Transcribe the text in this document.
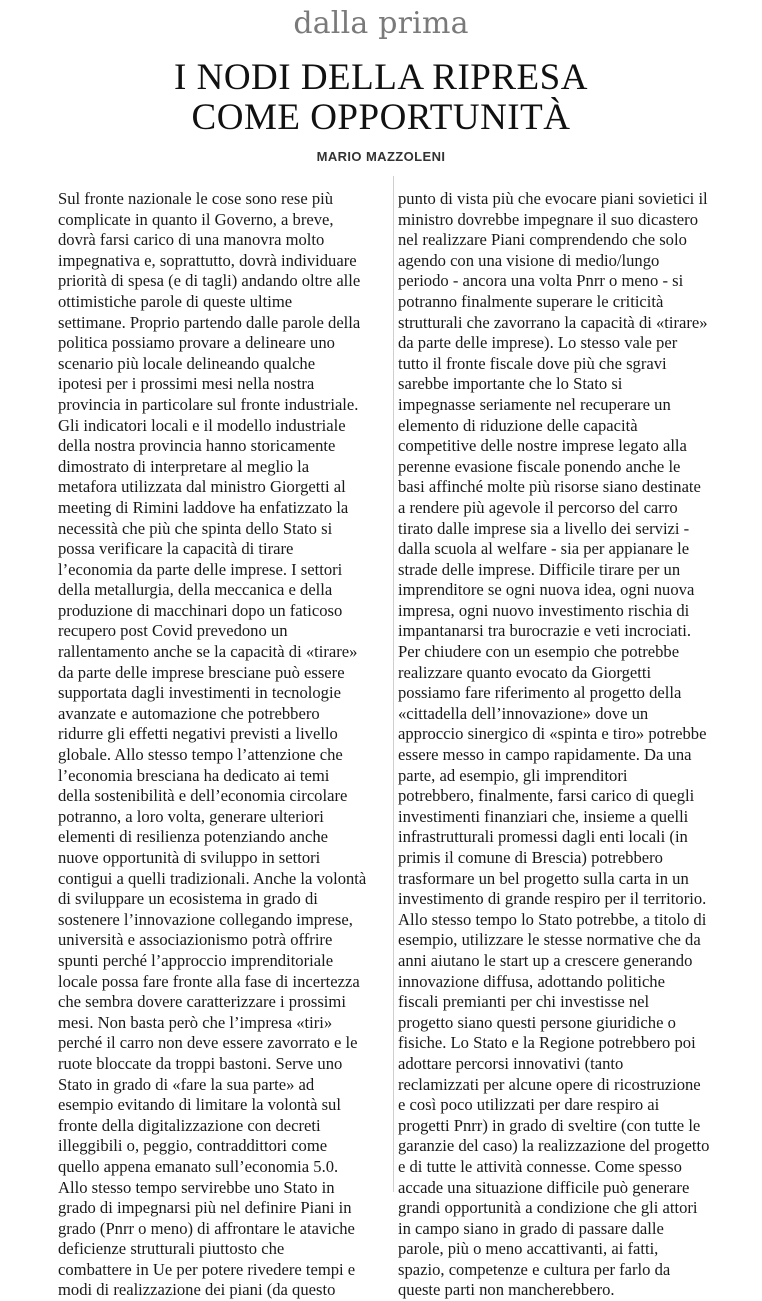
dalla prima
I NODI DELLA RIPRESA
COME OPPORTUNITÀ
MARIO MAZZOLENI
Sul fronte nazionale le cose sono rese più
complicate in quanto il Governo, a breve,
dovrà farsi carico di una manovra molto
impegnativa e, soprattutto, dovrà individuare
priorità di spesa (e di tagli) andando oltre alle
ottimistiche parole di queste ultime
settimane. Proprio partendo dalle parole della
politica possiamo provare a delineare uno
scenario più locale delineando qualche
ipotesi per i prossimi mesi nella nostra
provincia in particolare sul fronte industriale.
Gli indicatori locali e il modello industriale
della nostra provincia hanno storicamente
dimostrato di interpretare al meglio la
metafora utilizzata dal ministro Giorgetti al
meeting di Rimini laddove ha enfatizzato la
necessità che più che spinta dello Stato si
possa verificare la capacità di tirare
l’economia da parte delle imprese. I settori
della metallurgia, della meccanica e della
produzione di macchinari dopo un faticoso
recupero post Covid prevedono un
rallentamento anche se la capacità di «tirare»
da parte delle imprese bresciane può essere
supportata dagli investimenti in tecnologie
avanzate e automazione che potrebbero
ridurre gli effetti negativi previsti a livello
globale. Allo stesso tempo l’attenzione che
l’economia bresciana ha dedicato ai temi
della sostenibilità e dell’economia circolare
potranno, a loro volta, generare ulteriori
elementi di resilienza potenziando anche
nuove opportunità di sviluppo in settori
contigui a quelli tradizionali. Anche la volontà
di sviluppare un ecosistema in grado di
sostenere l’innovazione collegando imprese,
università e associazionismo potrà offrire
spunti perché l’approccio imprenditoriale
locale possa fare fronte alla fase di incertezza
che sembra dovere caratterizzare i prossimi
mesi. Non basta però che l’impresa «tiri»
perché il carro non deve essere zavorrato e le
ruote bloccate da troppi bastoni. Serve uno
Stato in grado di «fare la sua parte» ad
esempio evitando di limitare la volontà sul
fronte della digitalizzazione con decreti
illeggibili o, peggio, contraddittori come
quello appena emanato sull’economia 5.0.
Allo stesso tempo servirebbe uno Stato in
grado di impegnarsi più nel definire Piani in
grado (Pnrr o meno) di affrontare le ataviche
deficienze strutturali piuttosto che
combattere in Ue per potere rivedere tempi e
modi di realizzazione dei piani (da questo
punto di vista più che evocare piani sovietici il
ministro dovrebbe impegnare il suo dicastero
nel realizzare Piani comprendendo che solo
agendo con una visione di medio/lungo
periodo - ancora una volta Pnrr o meno - si
potranno finalmente superare le criticità
strutturali che zavorrano la capacità di «tirare»
da parte delle imprese). Lo stesso vale per
tutto il fronte fiscale dove più che sgravi
sarebbe importante che lo Stato si
impegnasse seriamente nel recuperare un
elemento di riduzione delle capacità
competitive delle nostre imprese legato alla
perenne evasione fiscale ponendo anche le
basi affinché molte più risorse siano destinate
a rendere più agevole il percorso del carro
tirato dalle imprese sia a livello dei servizi -
dalla scuola al welfare - sia per appianare le
strade delle imprese. Difficile tirare per un
imprenditore se ogni nuova idea, ogni nuova
impresa, ogni nuovo investimento rischia di
impantanarsi tra burocrazie e veti incrociati.
Per chiudere con un esempio che potrebbe
realizzare quanto evocato da Giorgetti
possiamo fare riferimento al progetto della
«cittadella dell’innovazione» dove un
approccio sinergico di «spinta e tiro» potrebbe
essere messo in campo rapidamente. Da una
parte, ad esempio, gli imprenditori
potrebbero, finalmente, farsi carico di quegli
investimenti finanziari che, insieme a quelli
infrastrutturali promessi dagli enti locali (in
primis il comune di Brescia) potrebbero
trasformare un bel progetto sulla carta in un
investimento di grande respiro per il territorio.
Allo stesso tempo lo Stato potrebbe, a titolo di
esempio, utilizzare le stesse normative che da
anni aiutano le start up a crescere generando
innovazione diffusa, adottando politiche
fiscali premianti per chi investisse nel
progetto siano questi persone giuridiche o
fisiche. Lo Stato e la Regione potrebbero poi
adottare percorsi innovativi (tanto
reclamizzati per alcune opere di ricostruzione
e così poco utilizzati per dare respiro ai
progetti Pnrr) in grado di sveltire (con tutte le
garanzie del caso) la realizzazione del progetto
e di tutte le attività connesse. Come spesso
accade una situazione difficile può generare
grandi opportunità a condizione che gli attori
in campo siano in grado di passare dalle
parole, più o meno accattivanti, ai fatti,
spazio, competenze e cultura per farlo da
queste parti non mancherebbero.
